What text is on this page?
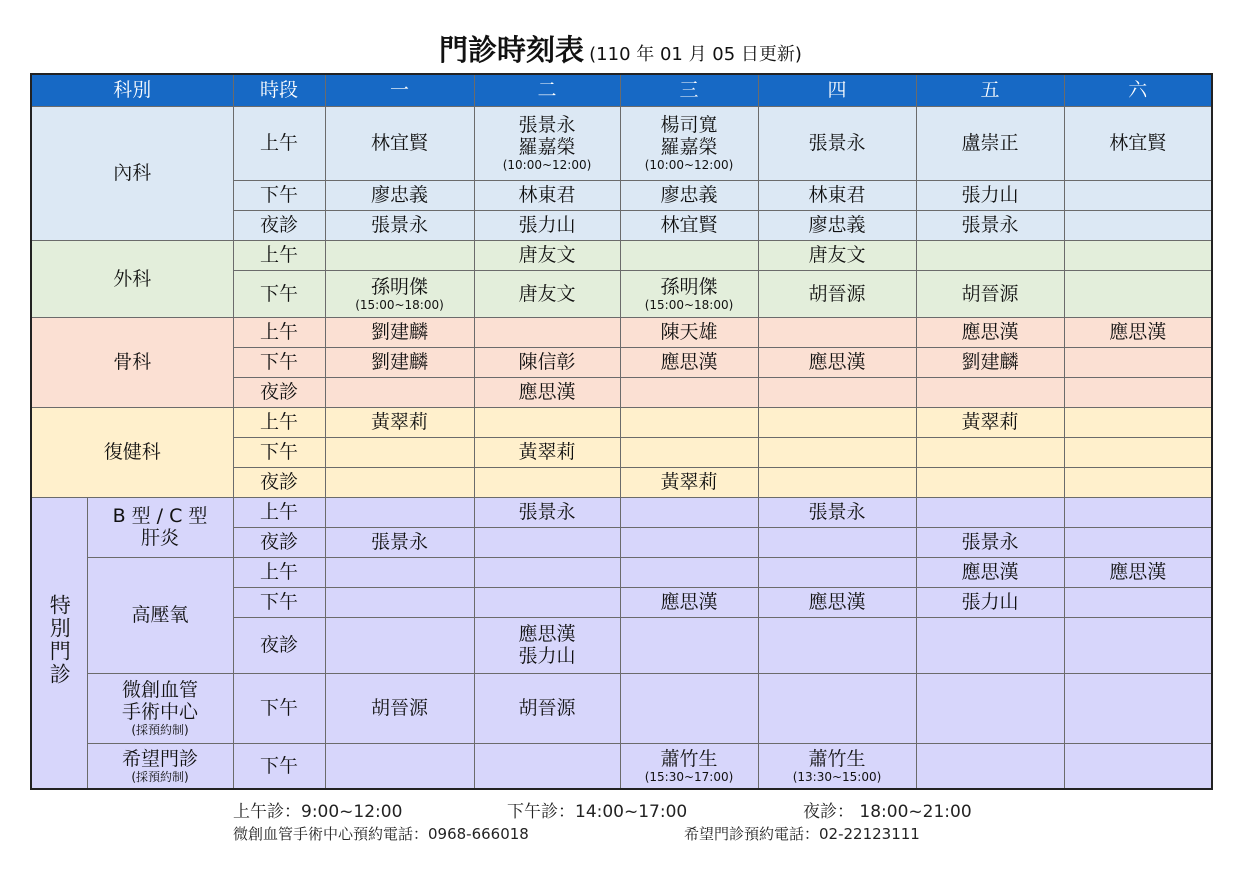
門診時刻表 (110 年 01 月 05 日更新)
科別		時段	一	二	三	四	五	六
內科		上午	林宜賢	張景永
羅嘉榮
(10:00~12:00)	楊司寬
羅嘉榮
(10:00~12:00)	張景永	盧崇正	林宜賢

		下午	廖忠義	林東君	廖忠義	林東君	張力山	

		夜診	張景永	張力山	林宜賢	廖忠義	張景永	

外科		上午		唐友文		唐友文		

		下午	孫明傑
(15:00~18:00)	唐友文	孫明傑
(15:00~18:00)	胡晉源	胡晉源	

骨科		上午	劉建麟		陳天雄		應思漢	應思漢

		下午	劉建麟	陳信彰	應思漢	應思漢	劉建麟	

		夜診		應思漢				

復健科		上午	黃翠莉				黃翠莉	

		下午		黃翠莉				

		夜診			黃翠莉			

特別門診	B 型 / C 型肝炎	上午		張景永		張景永		

		夜診	張景永				張景永	

	高壓氧	上午					應思漢	應思漢

		下午			應思漢	應思漢	張力山	

		夜診		應思漢
張力山				

	微創血管手術中心
(採預約制)	下午	胡晉源	胡晉源				

	希望門診
(採預約制)	下午			蕭竹生
(15:30~17:00)	蕭竹生
(13:30~15:00)		

上午診：9:00~12:00	下午診：14:00~17:00	夜診： 18:00~21:00
微創血管手術中心預約電話：0968-666018	希望門診預約電話：02-22123111
